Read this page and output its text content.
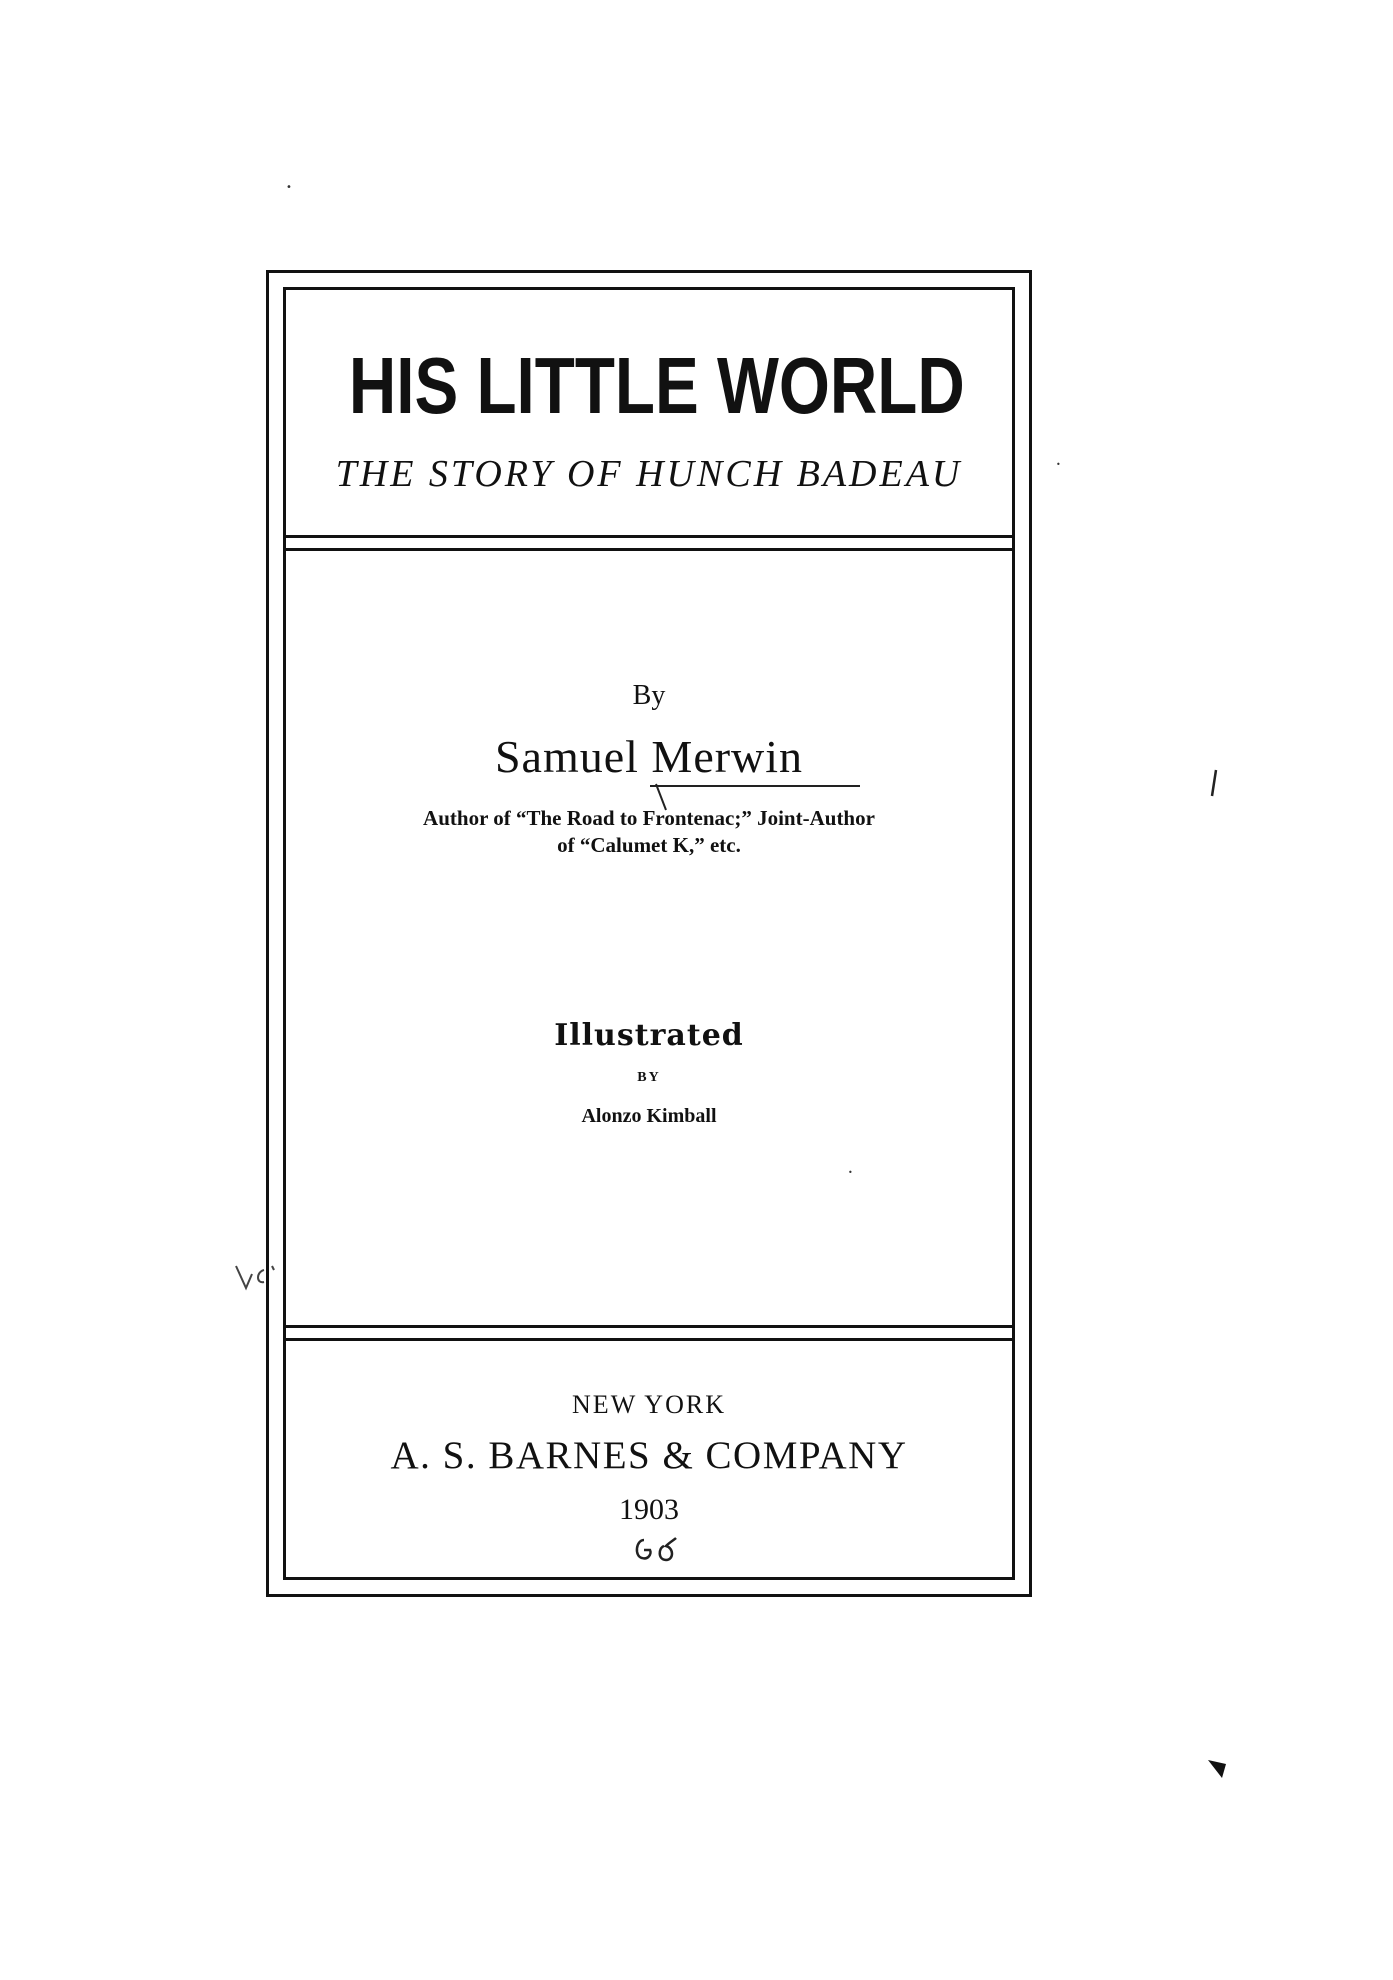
HIS LITTLE WORLD
THE STORY OF HUNCH BADEAU
By
Samuel Merwin
Author of “The Road to Frontenac;” Joint-Author
of “Calumet K,” etc.
Illustrated
BY
Alonzo Kimball
NEW YORK
A. S. BARNES & COMPANY
1903
•
•
•
